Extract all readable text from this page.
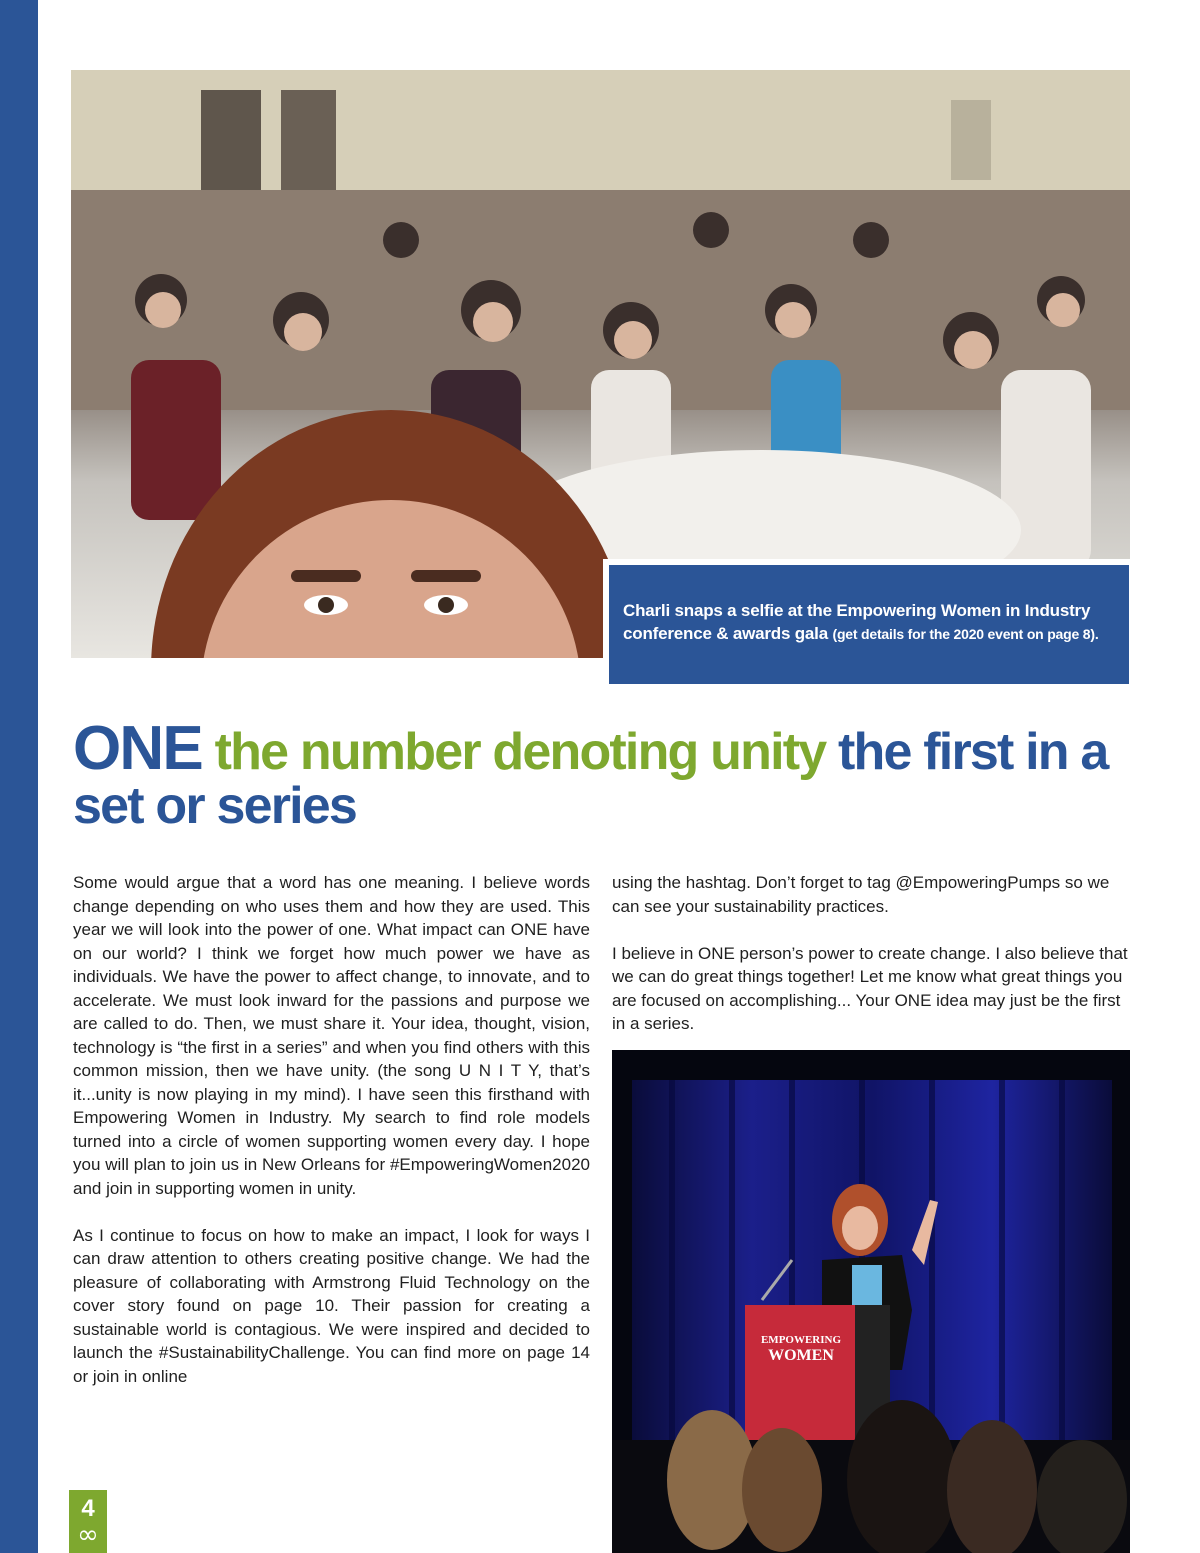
Charli snaps a selfie at the Empowering Women in Industry conference & awards gala (get details for the 2020 event on page 8).
ONE the number denoting unity the first in a set or series

Some would argue that a word has one meaning. I believe words change depending on who uses them and how they are used. This year we will look into the power of one. What impact can ONE have on our world? I think we forget how much power we have as individuals. We have the power to affect change, to innovate, and to accelerate. We must look inward for the passions and purpose we are called to do. Then, we must share it. Your idea, thought, vision, technology is “the first in a series” and when you find others with this common mission, then we have unity. (the song U N I T Y, that’s it...unity is now playing in my mind). I have seen this firsthand with Empowering Women in Industry. My search to find role models turned into a circle of women supporting women every day. I hope you will plan to join us in New Orleans for #EmpoweringWomen2020 and join in supporting women in unity.

As I continue to focus on how to make an impact, I look for ways I can draw attention to others creating positive change. We had the pleasure of collaborating with Armstrong Fluid Technology on the cover story found on page 10. Their passion for creating a sustainable world is contagious. We were inspired and decided to launch the #SustainabilityChallenge. You can find more on page 14 or join in online

using the hashtag. Don’t forget to tag @EmpoweringPumps so we can see your sustainability practices.

I believe in ONE person’s power to create change. I also believe that we can do great things together! Let me know what great things you are focused on accomplishing... Your ONE idea may just be the first in a series.

EMPOWERING
WOMEN
4
∞
